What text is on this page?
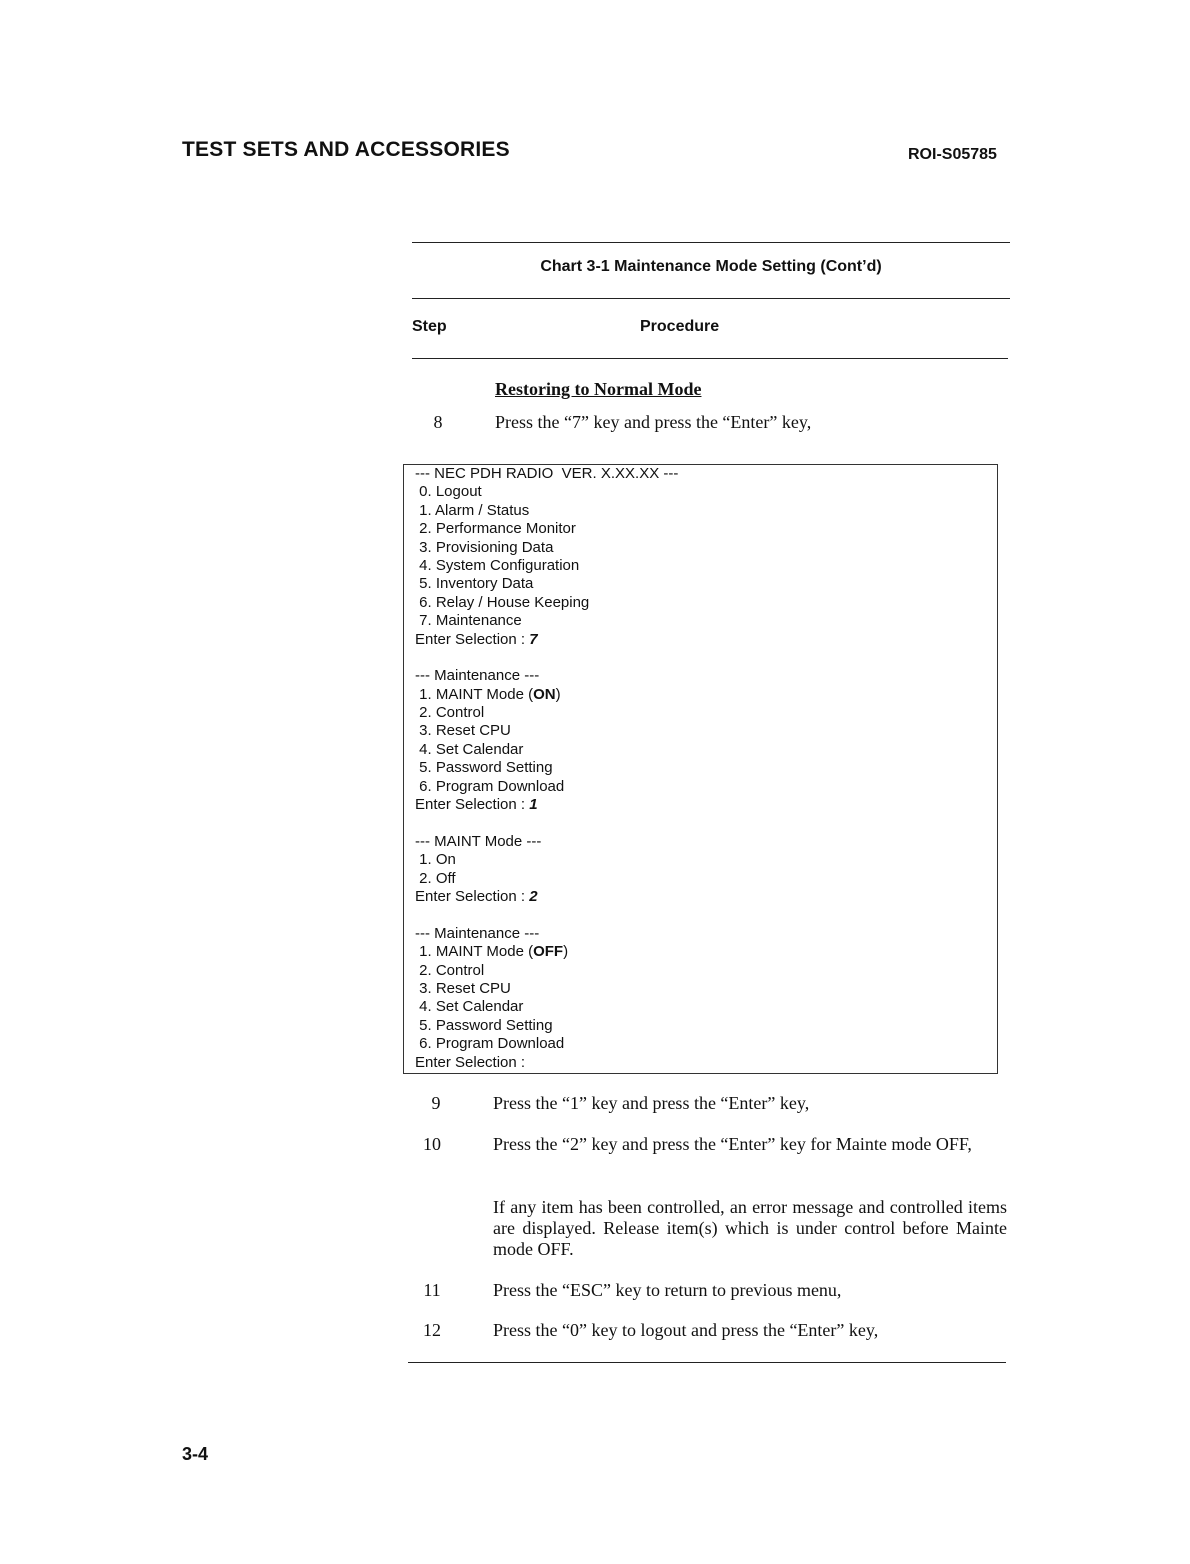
TEST SETS AND ACCESSORIES	ROI-S05785
Chart 3-1 Maintenance Mode Setting (Cont’d)
Step	Procedure
Restoring to Normal Mode
8	Press the “7” key and press the “Enter” key,
--- NEC PDH RADIO  VER. X.XX.XX ---
0. Logout
1. Alarm / Status
2. Performance Monitor
3. Provisioning Data
4. System Configuration
5. Inventory Data
6. Relay / House Keeping
7. Maintenance
Enter Selection : 7
--- Maintenance ---
1. MAINT Mode (ON)
2. Control
3. Reset CPU
4. Set Calendar
5. Password Setting
6. Program Download
Enter Selection : 1
--- MAINT Mode ---
1. On
2. Off
Enter Selection : 2
--- Maintenance ---
1. MAINT Mode (OFF)
2. Control
3. Reset CPU
4. Set Calendar
5. Password Setting
6. Program Download
Enter Selection :
9	Press the “1” key and press the “Enter” key,
10	Press the “2” key and press the “Enter” key for Mainte mode OFF,
If any item has been controlled, an error message and controlled items are displayed. Release item(s) which is under control before Mainte mode OFF.
11	Press the “ESC” key to return to previous menu,
12	Press the “0” key to logout and press the “Enter” key,
3-4
